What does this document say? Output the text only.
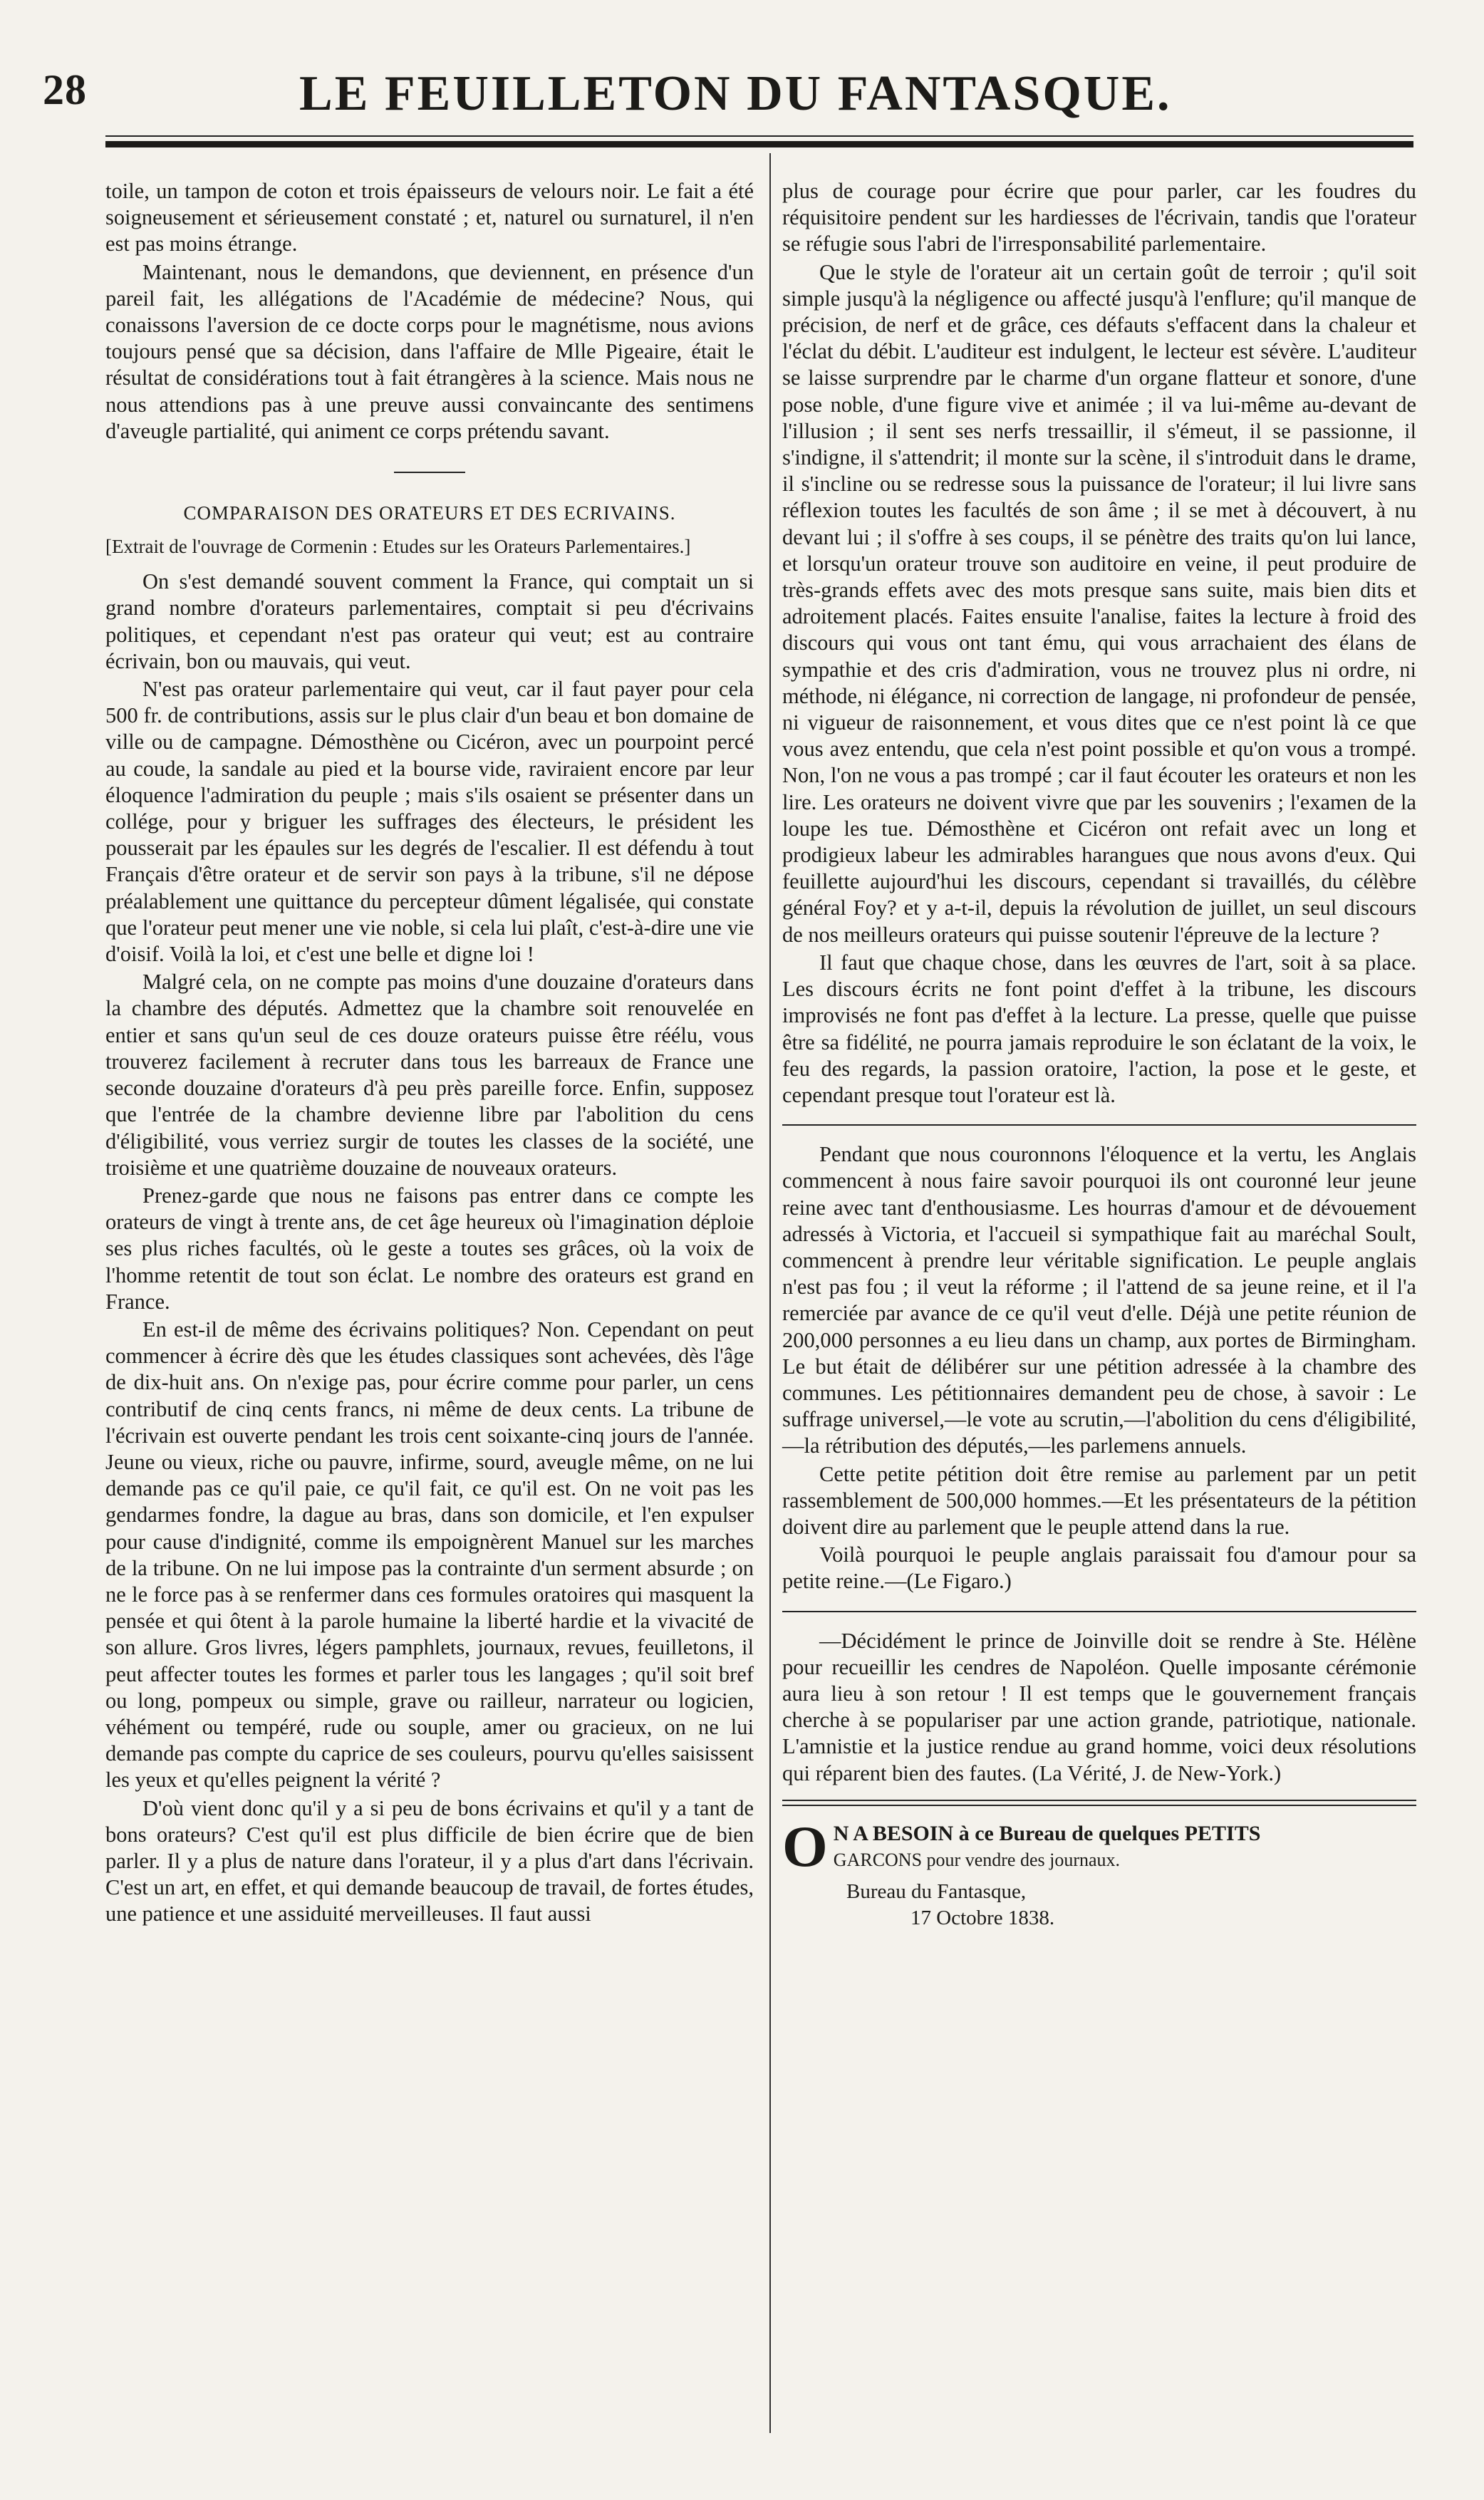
28	LE FEUILLETON DU FANTASQUE.

toile, un tampon de coton et trois épaisseurs de velours noir. Le fait a été soigneusement et sérieusement constaté ; et, naturel ou surnaturel, il n'en est pas moins étrange.

Maintenant, nous le demandons, que deviennent, en présence d'un pareil fait, les allégations de l'Académie de médecine? Nous, qui conaissons l'aversion de ce docte corps pour le magnétisme, nous avions toujours pensé que sa décision, dans l'affaire de Mlle Pigeaire, était le résultat de considérations tout à fait étrangères à la science. Mais nous ne nous attendions pas à une preuve aussi convaincante des sentimens d'aveugle partialité, qui animent ce corps prétendu savant.

COMPARAISON DES ORATEURS ET DES ECRIVAINS.

[Extrait de l'ouvrage de Cormenin : Etudes sur les Orateurs Parlementaires.]

On s'est demandé souvent comment la France, qui comptait un si grand nombre d'orateurs parlementaires, comptait si peu d'écrivains politiques, et cependant n'est pas orateur qui veut; est au contraire écrivain, bon ou mauvais, qui veut.

N'est pas orateur parlementaire qui veut, car il faut payer pour cela 500 fr. de contributions, assis sur le plus clair d'un beau et bon domaine de ville ou de campagne. Démosthène ou Cicéron, avec un pourpoint percé au coude, la sandale au pied et la bourse vide, raviraient encore par leur éloquence l'admiration du peuple ; mais s'ils osaient se présenter dans un collége, pour y briguer les suffrages des électeurs, le président les pousserait par les épaules sur les degrés de l'escalier. Il est défendu à tout Français d'être orateur et de servir son pays à la tribune, s'il ne dépose préalablement une quittance du percepteur dûment légalisée, qui constate que l'orateur peut mener une vie noble, si cela lui plaît, c'est-à-dire une vie d'oisif. Voilà la loi, et c'est une belle et digne loi !

Malgré cela, on ne compte pas moins d'une douzaine d'orateurs dans la chambre des députés. Admettez que la chambre soit renouvelée en entier et sans qu'un seul de ces douze orateurs puisse être réélu, vous trouverez facilement à recruter dans tous les barreaux de France une seconde douzaine d'orateurs d'à peu près pareille force. Enfin, supposez que l'entrée de la chambre devienne libre par l'abolition du cens d'éligibilité, vous verriez surgir de toutes les classes de la société, une troisième et une quatrième douzaine de nouveaux orateurs.

Prenez-garde que nous ne faisons pas entrer dans ce compte les orateurs de vingt à trente ans, de cet âge heureux où l'imagination déploie ses plus riches facultés, où le geste a toutes ses grâces, où la voix de l'homme retentit de tout son éclat. Le nombre des orateurs est grand en France.

En est-il de même des écrivains politiques? Non. Cependant on peut commencer à écrire dès que les études classiques sont achevées, dès l'âge de dix-huit ans. On n'exige pas, pour écrire comme pour parler, un cens contributif de cinq cents francs, ni même de deux cents. La tribune de l'écrivain est ouverte pendant les trois cent soixante-cinq jours de l'année. Jeune ou vieux, riche ou pauvre, infirme, sourd, aveugle même, on ne lui demande pas ce qu'il paie, ce qu'il fait, ce qu'il est. On ne voit pas les gendarmes fondre, la dague au bras, dans son domicile, et l'en expulser pour cause d'indignité, comme ils empoignèrent Manuel sur les marches de la tribune. On ne lui impose pas la contrainte d'un serment absurde ; on ne le force pas à se renfermer dans ces formules oratoires qui masquent la pensée et qui ôtent à la parole humaine la liberté hardie et la vivacité de son allure. Gros livres, légers pamphlets, journaux, revues, feuilletons, il peut affecter toutes les formes et parler tous les langages ; qu'il soit bref ou long, pompeux ou simple, grave ou railleur, narrateur ou logicien, véhément ou tempéré, rude ou souple, amer ou gracieux, on ne lui demande pas compte du caprice de ses couleurs, pourvu qu'elles saisissent les yeux et qu'elles peignent la vérité ?

D'où vient donc qu'il y a si peu de bons écrivains et qu'il y a tant de bons orateurs? C'est qu'il est plus difficile de bien écrire que de bien parler. Il y a plus de nature dans l'orateur, il y a plus d'art dans l'écrivain. C'est un art, en effet, et qui demande beaucoup de travail, de fortes études, une patience et une assiduité merveilleuses. Il faut aussi

plus de courage pour écrire que pour parler, car les foudres du réquisitoire pendent sur les hardiesses de l'écrivain, tandis que l'orateur se réfugie sous l'abri de l'irresponsabilité parlementaire.

Que le style de l'orateur ait un certain goût de terroir ; qu'il soit simple jusqu'à la négligence ou affecté jusqu'à l'enflure; qu'il manque de précision, de nerf et de grâce, ces défauts s'effacent dans la chaleur et l'éclat du débit. L'auditeur est indulgent, le lecteur est sévère. L'auditeur se laisse surprendre par le charme d'un organe flatteur et sonore, d'une pose noble, d'une figure vive et animée ; il va lui-même au-devant de l'illusion ; il sent ses nerfs tressaillir, il s'émeut, il se passionne, il s'indigne, il s'attendrit; il monte sur la scène, il s'introduit dans le drame, il s'incline ou se redresse sous la puissance de l'orateur; il lui livre sans réflexion toutes les facultés de son âme ; il se met à découvert, à nu devant lui ; il s'offre à ses coups, il se pénètre des traits qu'on lui lance, et lorsqu'un orateur trouve son auditoire en veine, il peut produire de très-grands effets avec des mots presque sans suite, mais bien dits et adroitement placés. Faites ensuite l'analise, faites la lecture à froid des discours qui vous ont tant ému, qui vous arrachaient des élans de sympathie et des cris d'admiration, vous ne trouvez plus ni ordre, ni méthode, ni élégance, ni correction de langage, ni profondeur de pensée, ni vigueur de raisonnement, et vous dites que ce n'est point là ce que vous avez entendu, que cela n'est point possible et qu'on vous a trompé. Non, l'on ne vous a pas trompé ; car il faut écouter les orateurs et non les lire. Les orateurs ne doivent vivre que par les souvenirs ; l'examen de la loupe les tue. Démosthène et Cicéron ont refait avec un long et prodigieux labeur les admirables harangues que nous avons d'eux. Qui feuillette aujourd'hui les discours, cependant si travaillés, du célèbre général Foy? et y a-t-il, depuis la révolution de juillet, un seul discours de nos meilleurs orateurs qui puisse soutenir l'épreuve de la lecture ?

Il faut que chaque chose, dans les œuvres de l'art, soit à sa place. Les discours écrits ne font point d'effet à la tribune, les discours improvisés ne font pas d'effet à la lecture. La presse, quelle que puisse être sa fidélité, ne pourra jamais reproduire le son éclatant de la voix, le feu des regards, la passion oratoire, l'action, la pose et le geste, et cependant presque tout l'orateur est là.

Pendant que nous couronnons l'éloquence et la vertu, les Anglais commencent à nous faire savoir pourquoi ils ont couronné leur jeune reine avec tant d'enthousiasme. Les hourras d'amour et de dévouement adressés à Victoria, et l'accueil si sympathique fait au maréchal Soult, commencent à prendre leur véritable signification. Le peuple anglais n'est pas fou ; il veut la réforme ; il l'attend de sa jeune reine, et il l'a remerciée par avance de ce qu'il veut d'elle. Déjà une petite réunion de 200,000 personnes a eu lieu dans un champ, aux portes de Birmingham. Le but était de délibérer sur une pétition adressée à la chambre des communes. Les pétitionnaires demandent peu de chose, à savoir : Le suffrage universel,—le vote au scrutin,—l'abolition du cens d'éligibilité,—la rétribution des députés,—les parlemens annuels.

Cette petite pétition doit être remise au parlement par un petit rassemblement de 500,000 hommes.—Et les présentateurs de la pétition doivent dire au parlement que le peuple attend dans la rue.

Voilà pourquoi le peuple anglais paraissait fou d'amour pour sa petite reine.—(Le Figaro.)

—Décidément le prince de Joinville doit se rendre à Ste. Hélène pour recueillir les cendres de Napoléon. Quelle imposante cérémonie aura lieu à son retour ! Il est temps que le gouvernement français cherche à se populariser par une action grande, patriotique, nationale. L'amnistie et la justice rendue au grand homme, voici deux résolutions qui réparent bien des fautes. (La Vérité, J. de New-York.)

O N A BESOIN à ce Bureau de quelques PETITS
GARCONS pour vendre des journaux.
Bureau du Fantasque,
17 Octobre 1838.
